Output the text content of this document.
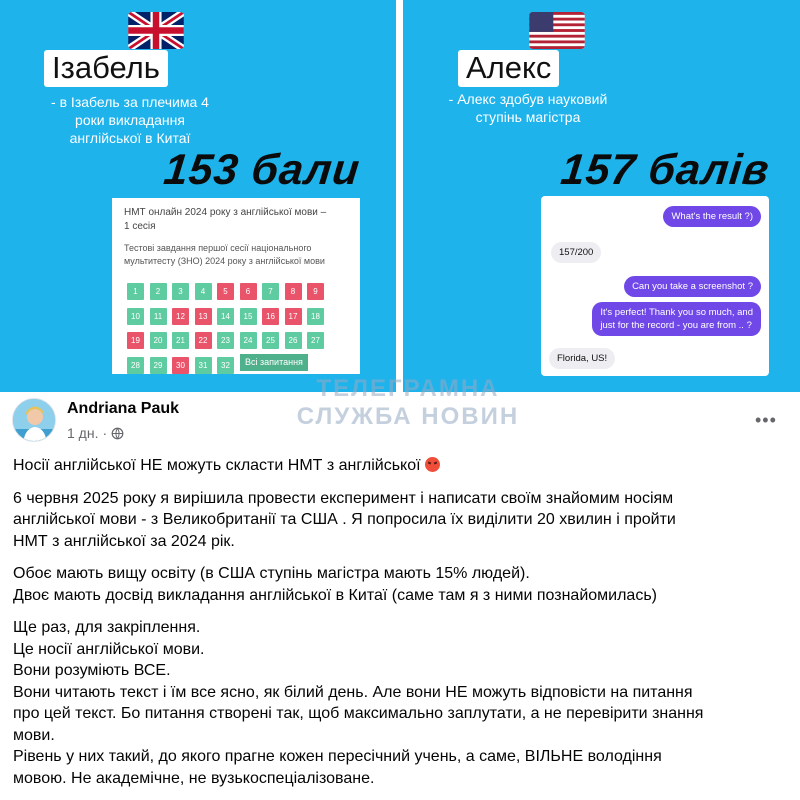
Ізабель
- в Ізабель за плечима 4
роки викладання
англійської в Китаї
153 бали
НМТ онлайн 2024 року з англійської мови –
1 сесія
Тестові завдання першої сесії національного
мультитесту (ЗНО) 2024 року з англійської мови
Всі запитання
1	2	3	4	5	6	7	8	9
10	11	12	13	14	15	16	17	18
19	20	21	22	23	24	25	26	27
28	29	30	31	32
Алекс
- Алекс здобув науковий
ступінь магістра
157 балів
What's the result ?)
157/200
Can you take a screenshot ?
It's perfect! Thank you so much, and
just for the record - you are from .. ?
Florida, US!
ТЕЛЕГРАМНА
СЛУЖБА НОВИН
Andriana Pauk
1 дн. ·
•••

Носії англійської НЕ можуть скласти НМТ з англійської

6 червня 2025 року я вирішила провести експеримент і написати своїм знайомим носіям
англійської мови - з Великобританії та США . Я попросила їх виділити 20 хвилин і пройти
НМТ з англійської за 2024 рік.

Обоє мають вищу освіту (в США ступінь магістра мають 15% людей).
Двоє мають досвід викладання англійської в Китаї (саме там я з ними познайомилась)

Ще раз, для закріплення.
Це носії англійської мови.
Вони розуміють ВСЕ.
Вони читають текст і їм все ясно, як білий день. Але вони НЕ можуть відповісти на питання
про цей текст. Бо питання створені так, щоб максимально заплутати, а не перевірити знання
мови.
Рівень у них такий, до якого прагне кожен пересічний учень, а саме, ВІЛЬНЕ володіння
мовою. Не академічне, не вузькоспеціалізоване.
